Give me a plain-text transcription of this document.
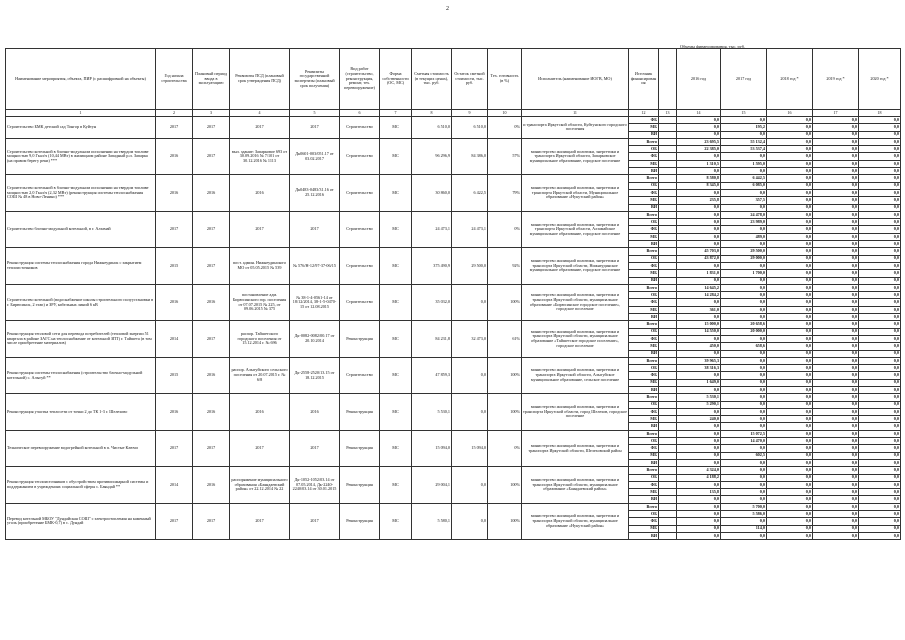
2
Объемы финансирования, тыс. руб.
Наименование мероприятия, объекта, ПИР (с расшифровкой на объекты)	Год начала строительства	Плановый период ввода в эксплуатацию	Реквизиты ПСД (плановый срок утверждения ПСД)	Реквизиты государственной экспертизы (плановый срок получения)	Вид работ (строительство, реконструкция, ремонт, тех. перевооружение)	Форма собственности (ОС, МС)	Сметная стоимость (в текущих ценах), тыс. руб.	Остаток сметной стоимости, тыс. руб.	Тех. готовность (в %)	Исполнитель (наименование ИОГВ, МО)	Источник финансирования		2016 год	2017 год	2018 год *	2019 год *	2020 год *
1	2	3	4	5	6	7	8	9	10	11	12	13	14	15	16	17	18
Строительство БМК детский сад Тонгор в Куйтун	2017	2017	2017	2017	Строительство	МС	6 510,0	6 510,0	0%	и транспорта Иркутской области, Куйтунского городского поселения	ФБ		0,0	0,0	0,0	0,0	0,0
											МБ		0,0	195,2	0,0	0,0	0,0
											ВИ		0,0	0,0	0,0	0,0	0,0
Строительство котельной в блочно-модульном исполнении на твердом топливе мощностью 9,0 Гкал/ч (10,44 МВт) в жилищном районе Западный р.п. Запарка (на правом берегу реки) ***	2016	2017	выл. здание: Запарковое 693 от 30.09.2016 № 7/101 от 30.12.2016 № 1113	Дк0601-003/051.17 от 03.02.2017	Строительство	МС	96 296,9	84 386,0	57%	министерство жилищной политики, энергетики и транспорта Иркутской области, Запарковское муниципальное образование, городское поселение	Всего		23 695,5	55 132,4	0,0	0,0	0,0
											ОБ		22 385,0	53 537,4	0,0	0,0	0,0
											ФБ		0,0	0,0	0,0	0,0	0,0
											МБ		1 310,5	1 595,0	0,0	0,0	0,0
											ВИ		0,0	0,0	0,0	0,0	0,0
Строительство котельной в блочно-модульном исполнении на твердом топливе мощностью 2,0 Гкал/ч (2,32 МВт) (реконструкция системы теплоснабжения СОШ № 48 в Ново-Ленино) ***	2016	2016	2016	Дк0483-0483/31.16 от 25.12.2016	Строительство	МС	30 860,0	6 422,5	79%	министерство жилищной политики, энергетики и транспорта Иркутской области, Муниципальное образование «Нукутский район»	Всего		8 580,8	6 442,5	0,0	0,0	0,0
											ОБ		8 345,0	6 085,0	0,0	0,0	0,0
											ФБ		0,0	0,0	0,0	0,0	0,0
											МБ		235,8	357,5	0,0	0,0	0,0
											ВИ		0,0	0,0	0,0	0,0	0,0
Строительство блочно-модульной котельной, в г. Алзамай	2017	2017	2017	2017	Строительство	МС	24 473,1	24 473,1	0%	министерство жилищной политики, энергетики и транспорта Иркутской области, Алзамайское муниципальное образование, городское поселение	Всего		0,0	24 478,0	0,0	0,0	0,0
											ОБ		0,0	23 989,0	0,0	0,0	0,0
											ФБ		0,0	0,0	0,0	0,0	0,0
											МБ		0,0	489,0	0,0	0,0	0,0
											ВИ		0,0	0,0	0,0	0,0	0,0
Реконструкция системы теплоснабжения города Нижнеудинск с закрытием теплоисточников	2015	2017	пост. админ. Нижнеудинского МО от 05.05.2015 № 539	№ 576/Н-12/97-37-06/15	Строительство	МС	375 490,9	29 500,0	92%	министерство жилищной политики, энергетики и транспорта Иркутской области, Нижнеудинское муниципальное образование, городское поселение	Всего		45 703,0	29 500,0	0,0	0,0	0,0
											ОБ		43 872,0	29 000,0	0,0	0,0	0,0
											ФБ		0,0	0,0	0,0	0,0	0,0
											МБ		1 831,0	1 700,0	0,0	0,0	0,0
											ВИ		0,0	0,0	0,0	0,0	0,0
Строительство котельной (водоснабжение школы строительного полуустановки в г. Бирюсинск, 2 этап) и ЗРУ, кабельных линий 6 кВ	2016	2016	постановление адм. Бирюсинского гор. поселения от 07.07.2015 № 225, от 09.06.2015 № 375	№ 38-1-4-0561-14 от 18/12/2014, 38-1-5-0470-15 от 12.08.2015	Строительство	МС	35 032,0	0,0	100%	министерство жилищной политики, энергетики и транспорта Иркутской области, муниципальное образование «Бирюсинское городское поселение», городское поселение	Всего		14 645,2	0,0	0,0	0,0	0,0
											ОБ		14 284,2	0,0	0,0	0,0	0,0
											ФБ		0,0	0,0	0,0	0,0	0,0
											МБ		361,0	0,0	0,0	0,0	0,0
											ВИ		0,0	0,0	0,0	0,0	0,0
Реконструкция тепловой сети для перевода потребителей (тепловой энергии 51 квартала в районе ЗАГС на теплоснабжение от котельной ЗПТ) г. Тайшета (в том числе приобретение материалов)	2014	2017	распор. Тайшетского городского поселения от 15.12.2014 г. № 696	Дк-0082-0082/00.17 от 20.10.2014	Реконструкция	МС	84 231,8	32 473,0	61%	министерство жилищной политики, энергетики и транспорта Иркутской области, муниципальное образование «Тайшетское городское поселение», городское поселение	Всего		15 000,0	20 658,6	0,0	0,0	0,0
											ОБ		14 550,0	20 000,0	0,0	0,0	0,0
											ФБ		0,0	0,0	0,0	0,0	0,0
											МБ		450,0	658,6	0,0	0,0	0,0
											ВИ		0,0	0,0	0,0	0,0	0,0
Реконструкция системы теплоснабжения (строительство блочно-модульной котельной) с. Алыгуй **	2015	2016	распор. Алыгуйского сельского поселения от 20.07.2015 г. № 6/8	Дк-2558-2520/13.15 от 18.12.2015	Строительство	МС	47 859,3	0,0	100%	министерство жилищной политики, энергетики и транспорта Иркутской области, Алыгуйское муниципальное образование, сельское поселение	Всего		39 965,3	0,0	0,0	0,0	0,0
											ОБ		38 316,3	0,0	0,0	0,0	0,0
											ФБ		0,0	0,0	0,0	0,0	0,0
											МБ		1 649,0	0,0	0,0	0,0	0,0
											ВИ		0,0	0,0	0,0	0,0	0,0
Реконструкция участка теплосети от точки 2 до ТК 1-3 г. Шелехово	2016	2016	2016	2016	Реконструкция	МС	5 530,1	0,0	100%	министерство жилищной политики, энергетики и транспорта Иркутской области, город Шелехов, городское поселение	Всего		5 530,1	0,0	0,0	0,0	0,0
											ОБ		5 290,1	0,0	0,0	0,0	0,0
											ФБ		0,0	0,0	0,0	0,0	0,0
											МБ		240,0	0,0	0,0	0,0	0,0
											ВИ		0,0	0,0	0,0	0,0	0,0
Техническое перевооружение водогрейной котельной в п. Чистые Ключи	2017	2017	2017	2017	Реконструкция	МС	15 094,0	15 094,0	0%	министерство жилищной политики, энергетики и транспорта Иркутской области, Шелеховский район	Всего		0,0	15 072,5	0,0	0,0	0,0
											ОБ		0,0	14 470,0	0,0	0,0	0,0
											ФБ		0,0	0,0	0,0	0,0	0,0
											МБ		0,0	602,5	0,0	0,0	0,0
											ВИ		0,0	0,0	0,0	0,0	0,0
Реконструкция теплоисточников с обустройством противопожарной системы и поддержанием в учреждениях социальной сферы с. Баяндай **	2014	2016	распоряжение муниципального образования «Баяндаевский район» от 22.12.2014 № 22	Дк-1052-1052/03.14 от 07.05.2014, Дк-2240-2240/03.14 от 30.01.2015	Реконструкция	МС	29 004,1	0,0	100%	министерство жилищной политики, энергетики и транспорта Иркутской области, муниципальное образование «Баяндаевский район»	Всего		4 324,0	0,0	0,0	0,0	0,0
											ОБ		4 188,2	0,0	0,0	0,0	0,0
											ФБ		0,0	0,0	0,0	0,0	0,0
											МБ		135,8	0,0	0,0	0,0	0,0
											ВИ		0,0	0,0	0,0	0,0	0,0
Перевод котельной МБОУ "Дундайская СОШ" с электроотопления на каменный уголь (приобретение БМК-0,7) в с. Дундай	2017	2017	2017	2017	Реконструкция	МС	5 580,1	0,0	100%	министерство жилищной политики, энергетики и транспорта Иркутской области, муниципальное образование «Нукутский район»	Всего		0,0	5 700,0	0,0	0,0	0,0
											ОБ		0,0	5 586,0	0,0	0,0	0,0
											ФБ		0,0	0,0	0,0	0,0	0,0
											МБ		0,0	114,0	0,0	0,0	0,0
											ВИ		0,0	0,0	0,0	0,0	0,0
